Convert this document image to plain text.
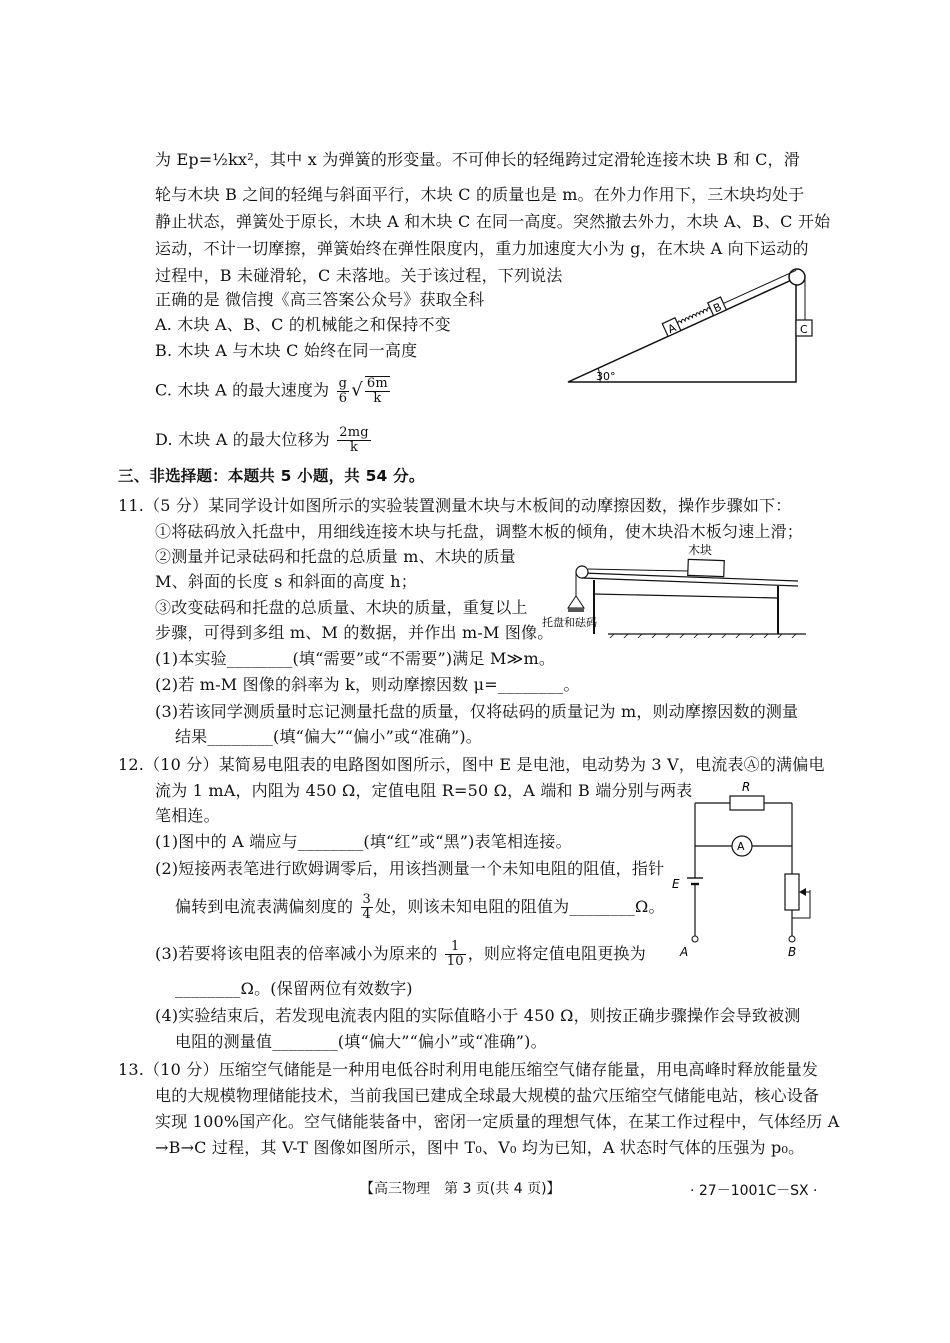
为 Ep=½kx²，其中 x 为弹簧的形变量。不可伸长的轻绳跨过定滑轮连接木块 B 和 C，滑
轮与木块 B 之间的轻绳与斜面平行，木块 C 的质量也是 m。在外力作用下，三木块均处于
静止状态，弹簧处于原长，木块 A 和木块 C 在同一高度。突然撤去外力，木块 A、B、C 开始
运动，不计一切摩擦，弹簧始终在弹性限度内，重力加速度大小为 g，在木块 A 向下运动的
过程中，B 未碰滑轮，C 未落地。关于该过程，下列说法
正确的是 微信搜《高三答案公众号》获取全科
A. 木块 A、B、C 的机械能之和保持不变
B. 木块 A 与木块 C 始终在同一高度
C. 木块 A 的最大速度为 $\frac{g}{6}$ √ $\frac{6m}{k}$
D. 木块 A 的最大位移为 $\frac{2mg}{k}$
30°
C
A
B
三、非选择题：本题共 5 小题，共 54 分。
11.（5 分）某同学设计如图所示的实验装置测量木块与木板间的动摩擦因数，操作步骤如下：
①将砝码放入托盘中，用细线连接木块与托盘，调整木板的倾角，使木块沿木板匀速上滑；
②测量并记录砝码和托盘的总质量 m、木块的质量
M、斜面的长度 s 和斜面的高度 h；
③改变砝码和托盘的总质量、木块的质量，重复以上
步骤，可得到多组 m、M 的数据，并作出 m-M 图像。
(1)本实验________(填“需要”或“不需要”)满足 M≫m。
(2)若 m-M 图像的斜率为 k，则动摩擦因数 μ=________。
(3)若该同学测质量时忘记测量托盘的质量，仅将砝码的质量记为 m，则动摩擦因数的测量
结果________(填“偏大”“偏小”或“准确”)。
木块
托盘和砝码
12.（10 分）某简易电阻表的电路图如图所示，图中 E 是电池，电动势为 3 V，电流表Ⓐ的满偏电
流为 1 mA，内阻为 450 Ω，定值电阻 R=50 Ω，A 端和 B 端分别与两表
笔相连。
(1)图中的 A 端应与________(填“红”或“黑”)表笔相连接。
(2)短接两表笔进行欧姆调零后，用该挡测量一个未知电阻的阻值，指针
偏转到电流表满偏刻度的 $\frac{3}{4}$ 处，则该未知电阻的阻值为________Ω。
(3)若要将该电阻表的倍率减小为原来的 $\frac{1}{10}$ ，则应将定值电阻更换为
________Ω。(保留两位有效数字)
(4)实验结束后，若发现电流表内阻的实际值略小于 450 Ω，则按正确步骤操作会导致被测
电阻的测量值________(填“偏大”“偏小”或“准确”)。
R
A
E
A	B
13.（10 分）压缩空气储能是一种用电低谷时利用电能压缩空气储存能量，用电高峰时释放能量发
电的大规模物理储能技术，当前我国已建成全球最大规模的盐穴压缩空气储能电站，核心设备
实现 100%国产化。空气储能装备中，密闭一定质量的理想气体，在某工作过程中，气体经历 A
→B→C 过程，其 V-T 图像如图所示，图中 T₀、V₀ 均为已知，A 状态时气体的压强为 p₀。
【高三物理　第 3 页(共 4 页)】	· 27－1001C－SX ·
